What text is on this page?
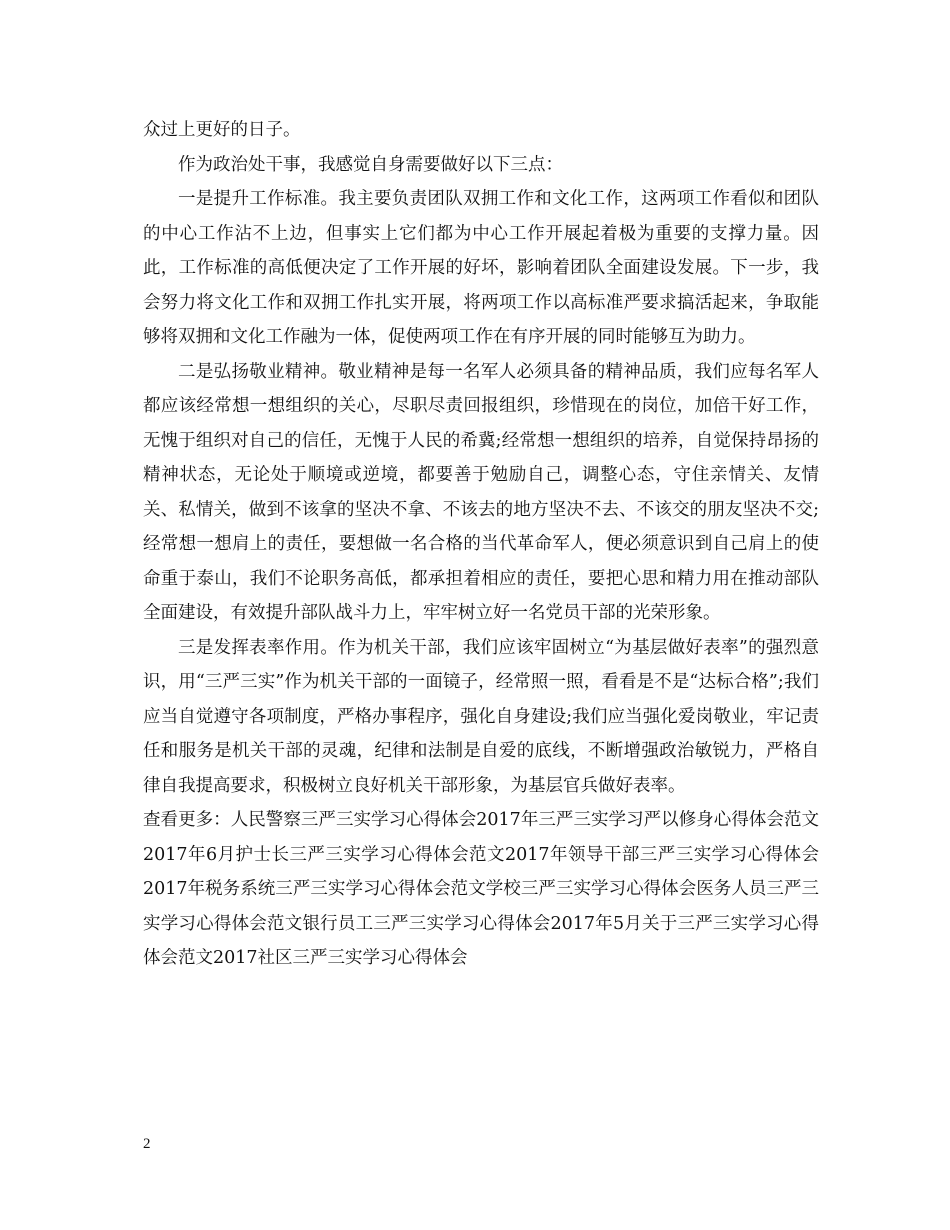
众过上更好的日子。

作为政治处干事，我感觉自身需要做好以下三点：

一是提升工作标准。我主要负责团队双拥工作和文化工作，这两项工作看似和团队的中心工作沾不上边，但事实上它们都为中心工作开展起着极为重要的支撑力量。因此，工作标准的高低便决定了工作开展的好坏，影响着团队全面建设发展。下一步，我会努力将文化工作和双拥工作扎实开展，将两项工作以高标准严要求搞活起来，争取能够将双拥和文化工作融为一体，促使两项工作在有序开展的同时能够互为助力。

二是弘扬敬业精神。敬业精神是每一名军人必须具备的精神品质，我们应每名军人都应该经常想一想组织的关心，尽职尽责回报组织，珍惜现在的岗位，加倍干好工作，无愧于组织对自己的信任，无愧于人民的希冀;经常想一想组织的培养，自觉保持昂扬的精神状态，无论处于顺境或逆境，都要善于勉励自己，调整心态，守住亲情关、友情关、私情关，做到不该拿的坚决不拿、不该去的地方坚决不去、不该交的朋友坚决不交;经常想一想肩上的责任，要想做一名合格的当代革命军人，便必须意识到自己肩上的使命重于泰山，我们不论职务高低，都承担着相应的责任，要把心思和精力用在推动部队全面建设，有效提升部队战斗力上，牢牢树立好一名党员干部的光荣形象。

三是发挥表率作用。作为机关干部，我们应该牢固树立“为基层做好表率”的强烈意识，用“三严三实”作为机关干部的一面镜子，经常照一照，看看是不是“达标合格”;我们应当自觉遵守各项制度，严格办事程序，强化自身建设;我们应当强化爱岗敬业，牢记责任和服务是机关干部的灵魂，纪律和法制是自爱的底线，不断增强政治敏锐力，严格自律自我提高要求，积极树立良好机关干部形象，为基层官兵做好表率。

查看更多：人民警察三严三实学习心得体会2017年三严三实学习严以修身心得体会范文2017年6月护士长三严三实学习心得体会范文2017年领导干部三严三实学习心得体会2017年税务系统三严三实学习心得体会范文学校三严三实学习心得体会医务人员三严三实学习心得体会范文银行员工三严三实学习心得体会2017年5月关于三严三实学习心得体会范文2017社区三严三实学习心得体会

2
